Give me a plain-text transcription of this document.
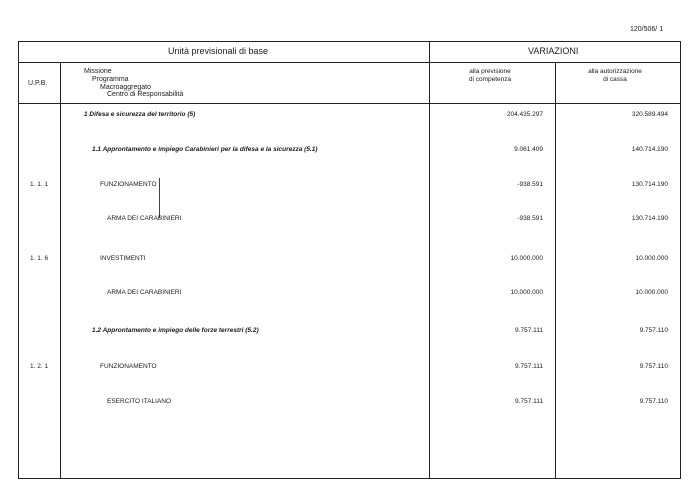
120/506/ 1
Unità previsionali di base	VARIAZIONI
U.P.B.
Missione
Programma
Macroaggregato
Centro di Responsabilità
alla previsione
di competenza
alla autorizzazione
di cassa
1 Difesa e sicurezza del territorio (5)	204.435.297	320.589.494
1.1 Approntamento e impiego Carabinieri per la difesa e la sicurezza (5.1)	9.061.409	140.714.190
1. 1. 1	FUNZIONAMENTO	-938.591	130.714.190
ARMA DEI CARABINIERI	-938.591	130.714.190
1. 1. 6	INVESTIMENTI	10.000.000	10.000.000
ARMA DEI CARABINIERI	10.000.000	10.000.000
1.2 Approntamento e impiego delle forze terrestri (5.2)	9.757.111	9.757.110
1. 2. 1	FUNZIONAMENTO	9.757.111	9.757.110
ESERCITO ITALIANO	9.757.111	9.757.110
